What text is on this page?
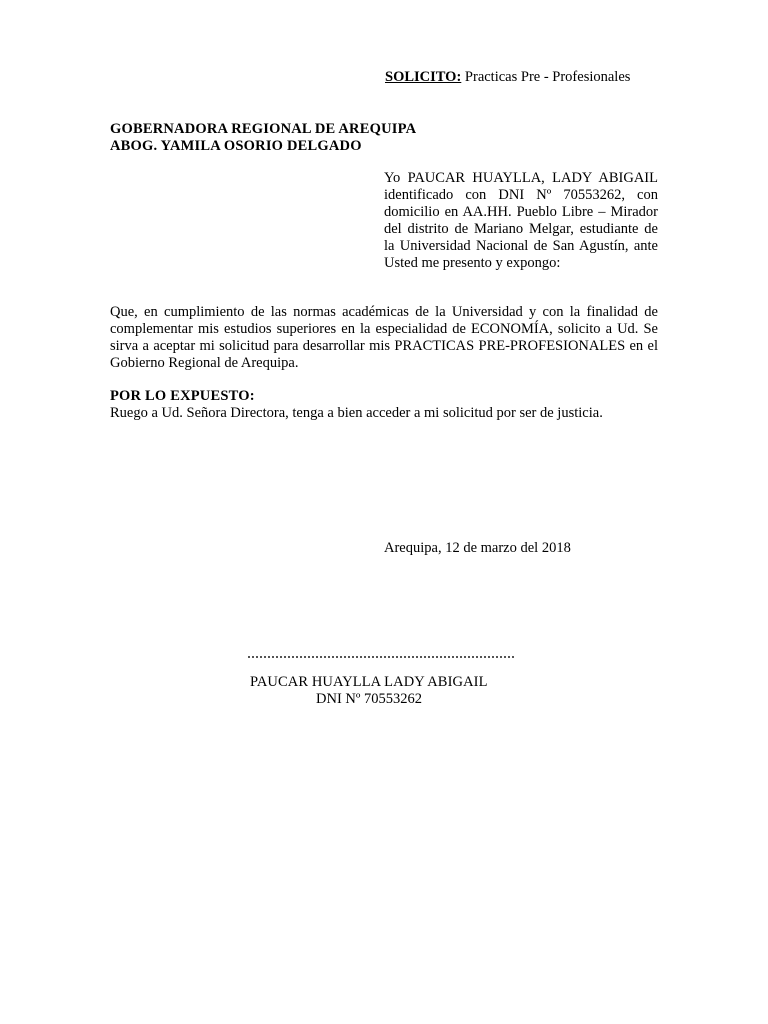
SOLICITO: Practicas Pre - Profesionales
GOBERNADORA REGIONAL DE AREQUIPA
ABOG. YAMILA OSORIO DELGADO
Yo PAUCAR HUAYLLA, LADY ABIGAIL identificado con DNI Nº 70553262, con domicilio en AA.HH. Pueblo Libre – Mirador del distrito de Mariano Melgar, estudiante de la Universidad Nacional de San Agustín, ante Usted me presento y expongo:
Que, en cumplimiento de las normas académicas de la Universidad y con la finalidad de complementar mis estudios superiores en la especialidad de ECONOMÍA, solicito a Ud. Se sirva a aceptar mi solicitud para desarrollar mis PRACTICAS PRE-PROFESIONALES en el Gobierno Regional de Arequipa.
POR LO EXPUESTO:
Ruego a Ud. Señora Directora, tenga a bien acceder a mi solicitud por ser de justicia.
Arequipa, 12 de marzo del 2018
PAUCAR HUAYLLA LADY ABIGAIL
DNI Nº 70553262
